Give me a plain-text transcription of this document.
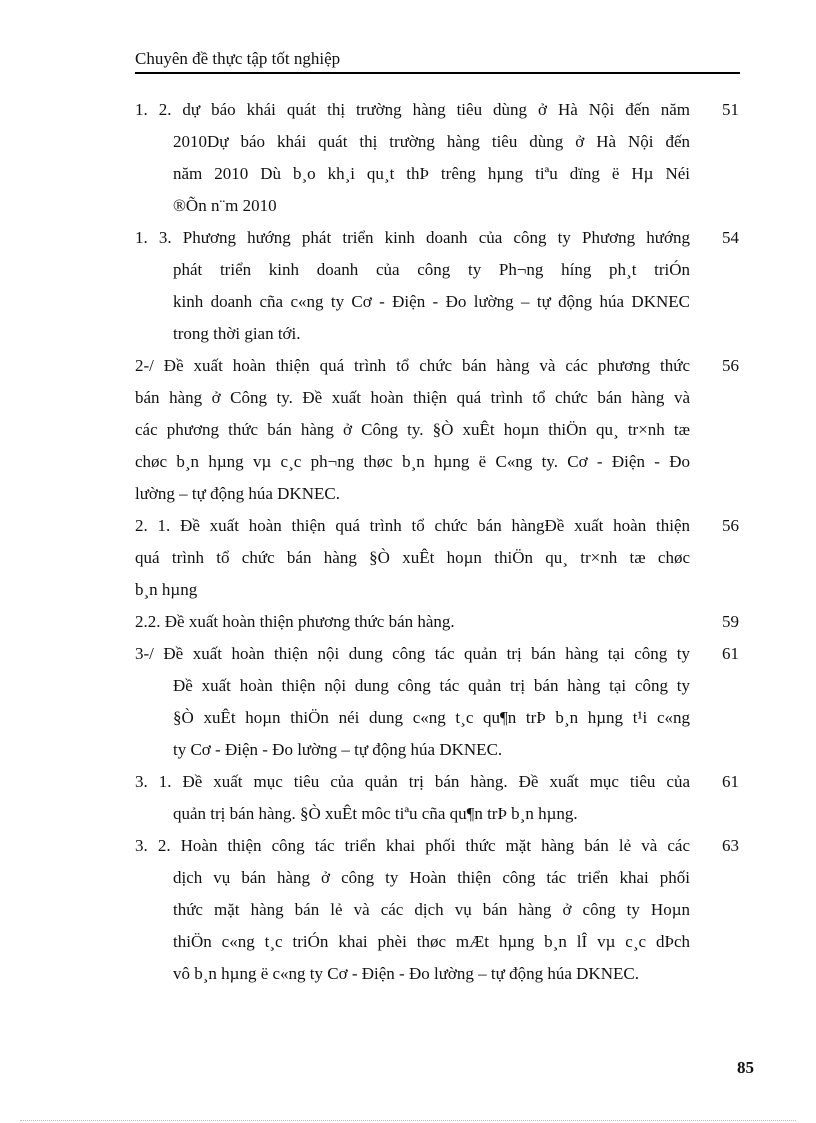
Chuyên đề thực tập tốt nghiệp
1. 2. dự báo khái quát thị trường hàng tiêu dùng ở Hà Nội đến năm
2010Dự báo khái quát thị trường hàng tiêu dùng ở Hà Nội đến
năm 2010 Dù b¸o kh¸i qu¸t thÞ trêng hµng tiªu dïng ë Hµ Néi
®Õn n¨m 2010
51
1. 3. Phương hướng phát triển kinh doanh của công ty Phương hướng
phát triển kinh doanh của công ty Ph¬ng híng ph¸t triÓn
kinh doanh cña c«ng ty Cơ - Điện - Đo lường – tự động húa DKNEC
trong thời gian tới.
54
2-/ Đề xuất hoàn thiện quá trình tổ chức bán hàng và các phương thức
bán hàng ở Công ty. Đề xuất hoàn thiện quá trình tổ chức bán hàng và
các phương thức bán hàng ở Công ty. §Ò xuÊt hoµn thiÖn qu¸ tr×nh tæ
chøc b¸n hµng vµ c¸c ph¬ng thøc b¸n hµng ë C«ng ty. Cơ - Điện - Đo
lường – tự động húa DKNEC.
56
2. 1. Đề xuất hoàn thiện quá trình tổ chức bán hàngĐề xuất hoàn thiện
quá trình tổ chức bán hàng §Ò xuÊt hoµn thiÖn qu¸ tr×nh tæ chøc
b¸n hµng
56
2.2. Đề xuất hoàn thiện phương thức bán hàng.	59
3-/ Đề xuất hoàn thiện nội dung công tác quản trị bán hàng tại công ty
Đề xuất hoàn thiện nội dung công tác quản trị bán hàng tại công ty
§Ò xuÊt hoµn thiÖn néi dung c«ng t¸c qu¶n trÞ b¸n hµng t¹i c«ng
ty Cơ - Điện - Đo lường – tự động húa DKNEC.
61
3. 1. Đề xuất mục tiêu của quản trị bán hàng. Đề xuất mục tiêu của
quản trị bán hàng. §Ò xuÊt môc tiªu cña qu¶n trÞ b¸n hµng.
61
3. 2. Hoàn thiện công tác triển khai phối thức mặt hàng bán lẻ và các
dịch vụ bán hàng ở công ty Hoàn thiện công tác triển khai phối
thức mặt hàng bán lẻ và các dịch vụ bán hàng ở công ty Hoµn
thiÖn c«ng t¸c triÓn khai phèi thøc mÆt hµng b¸n lÎ vµ c¸c dÞch
vô b¸n hµng ë c«ng ty Cơ - Điện - Đo lường – tự động húa DKNEC.
63
85
